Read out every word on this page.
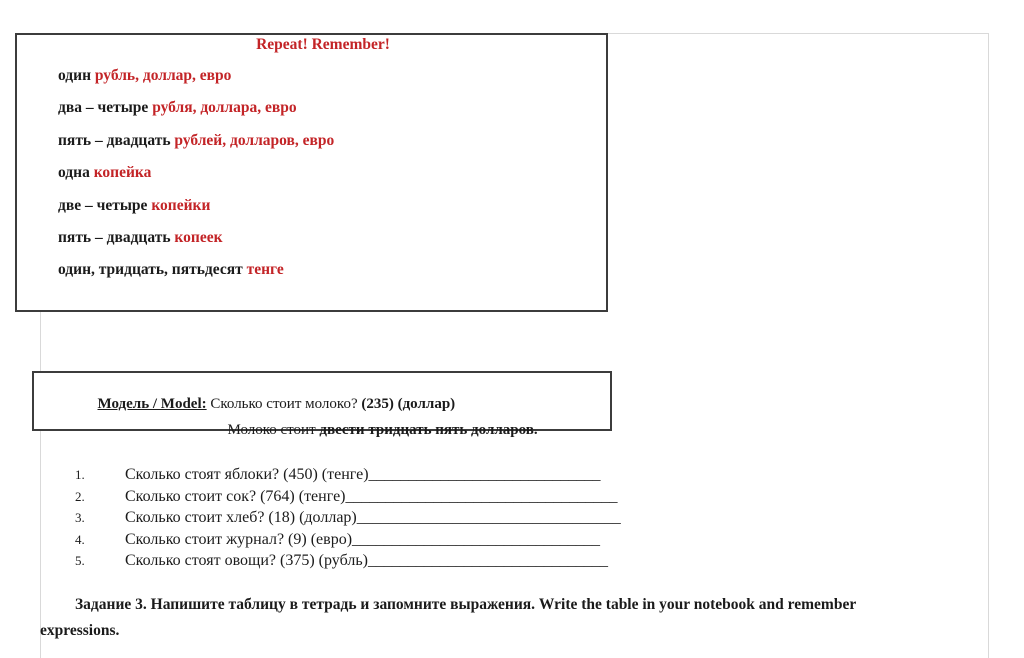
Repeat! Remember!
один рубль, доллар, евро
два – четыре рубля, доллара, евро
пять – двадцать рублей, долларов, евро
одна копейка
две – четыре копейки
пять – двадцать копеек
один, тридцать, пятьдесят тенге

Модель / Model: Сколько стоит молоко? (235) (доллар)

Молоко стоит двести тридцать пять долларов.

1.	Сколько стоят яблоки? (450) (тенге) _____________________________
2.	Сколько стоит сок? (764) (тенге) __________________________________
3.	Сколько стоит хлеб? (18) (доллар) _________________________________
4.	Сколько стоит журнал? (9) (евро) _______________________________
5.	Сколько стоят овощи? (375) (рубль) ______________________________
Задание 3. Напишите таблицу в тетрадь и запомните выражения. Write the table in your notebook and remember
expressions.
